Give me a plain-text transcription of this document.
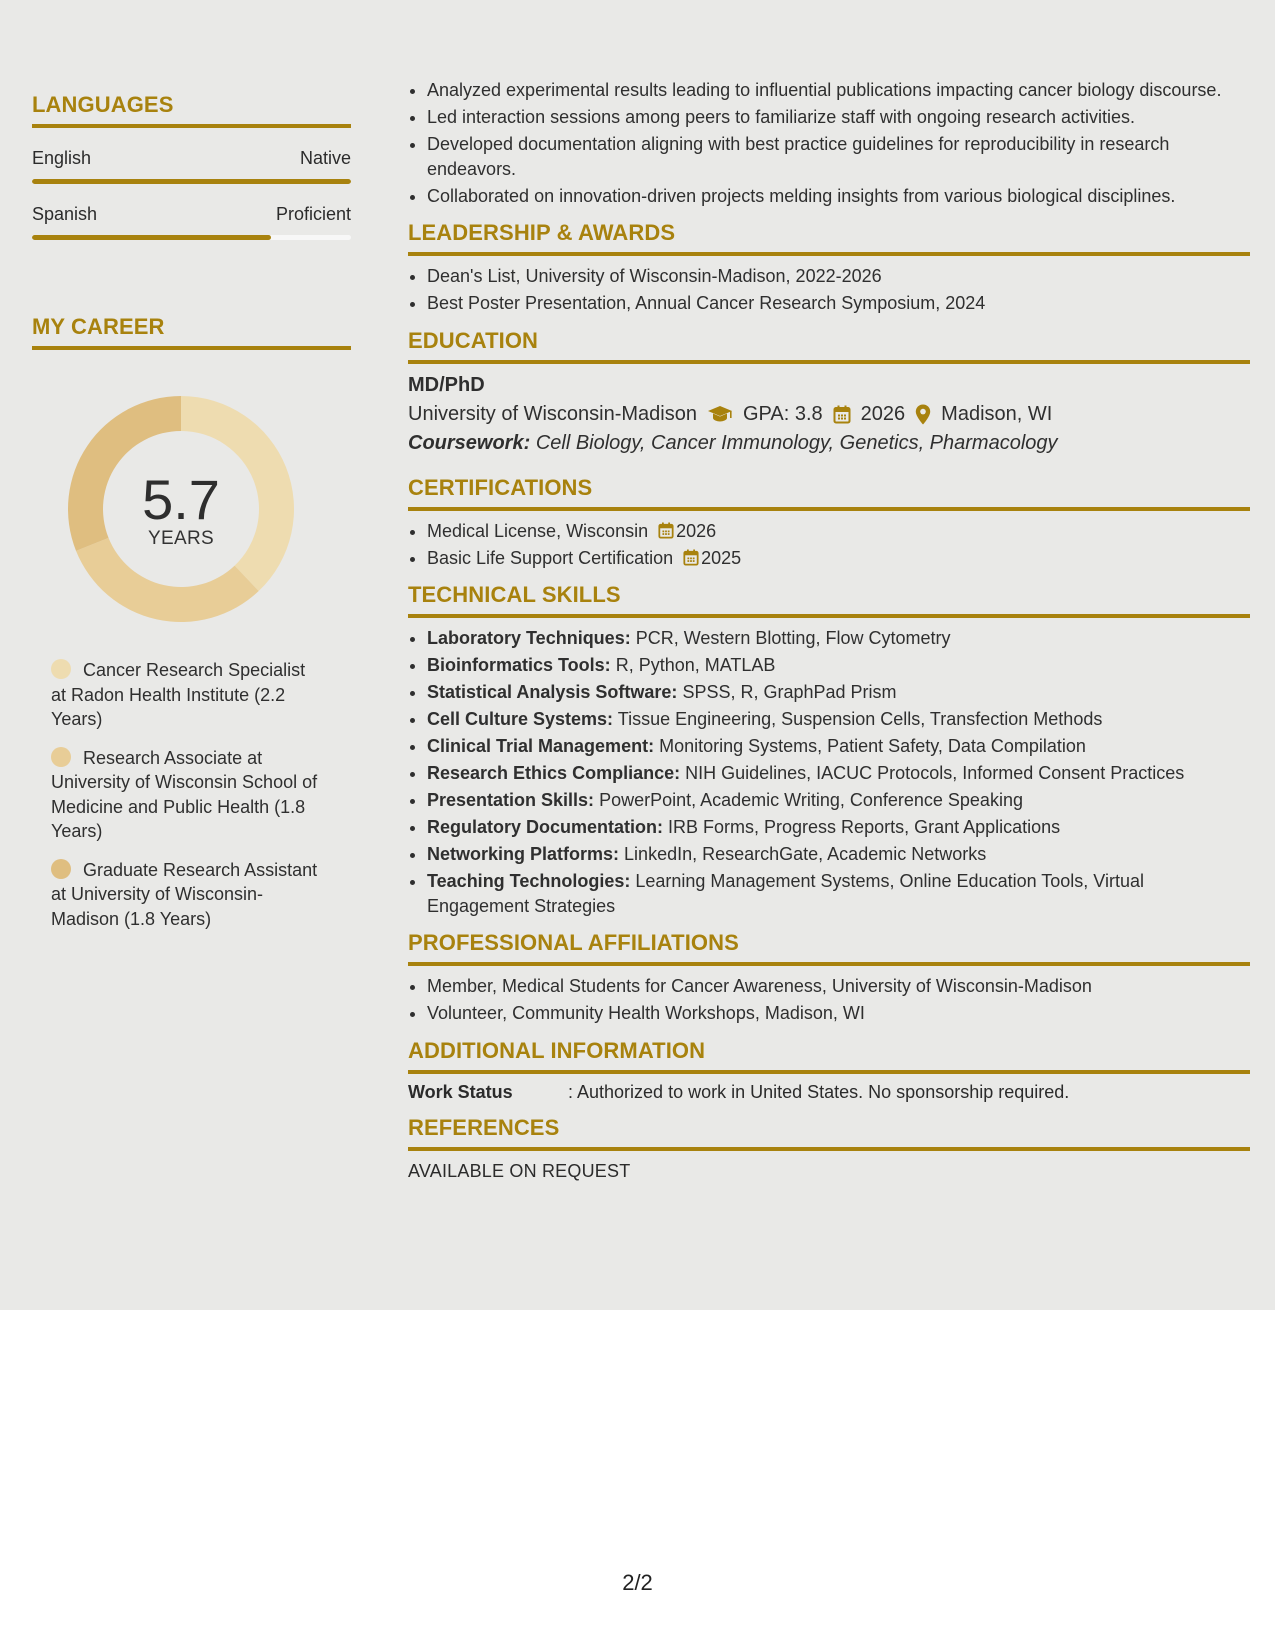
LANGUAGES
English	Native
Spanish	Proficient
MY CAREER
5.7
YEARS
Cancer Research Specialist at Radon Health Institute (2.2 Years)
Research Associate at University of Wisconsin School of Medicine and Public Health (1.8 Years)
Graduate Research Assistant at University of Wisconsin-Madison (1.8 Years)
• Analyzed experimental results leading to influential publications impacting cancer biology discourse.
• Led interaction sessions among peers to familiarize staff with ongoing research activities.
• Developed documentation aligning with best practice guidelines for reproducibility in research endeavors.
• Collaborated on innovation-driven projects melding insights from various biological disciplines.
LEADERSHIP & AWARDS
• Dean's List, University of Wisconsin-Madison, 2022-2026
• Best Poster Presentation, Annual Cancer Research Symposium, 2024
EDUCATION
MD/PhD
University of Wisconsin-Madison GPA: 3.8 2026 Madison, WI
Coursework: Cell Biology, Cancer Immunology, Genetics, Pharmacology
CERTIFICATIONS
• Medical License, Wisconsin 2026
• Basic Life Support Certification 2025
TECHNICAL SKILLS
• Laboratory Techniques: PCR, Western Blotting, Flow Cytometry
• Bioinformatics Tools: R, Python, MATLAB
• Statistical Analysis Software: SPSS, R, GraphPad Prism
• Cell Culture Systems: Tissue Engineering, Suspension Cells, Transfection Methods
• Clinical Trial Management: Monitoring Systems, Patient Safety, Data Compilation
• Research Ethics Compliance: NIH Guidelines, IACUC Protocols, Informed Consent Practices
• Presentation Skills: PowerPoint, Academic Writing, Conference Speaking
• Regulatory Documentation: IRB Forms, Progress Reports, Grant Applications
• Networking Platforms: LinkedIn, ResearchGate, Academic Networks
• Teaching Technologies: Learning Management Systems, Online Education Tools, Virtual Engagement Strategies
PROFESSIONAL AFFILIATIONS
• Member, Medical Students for Cancer Awareness, University of Wisconsin-Madison
• Volunteer, Community Health Workshops, Madison, WI
ADDITIONAL INFORMATION
Work Status	: Authorized to work in United States. No sponsorship required.
REFERENCES
AVAILABLE ON REQUEST
2/2
